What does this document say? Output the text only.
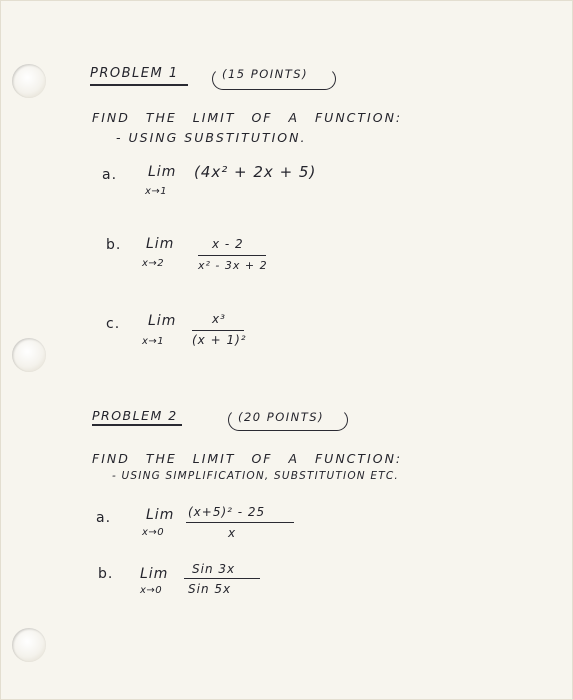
PROBLEM 1	(15 POINTS)
FIND THE LIMIT OF A FUNCTION:
- USING SUBSTITUTION.
a. Lim
x→1
(4x² + 2x + 5)
b. Lim
x→2
x - 2
x² - 3x + 2
c. Lim
x→1
x³
(x + 1)²
PROBLEM 2	(20 POINTS)
FIND THE LIMIT OF A FUNCTION:
- USING SIMPLIFICATION, SUBSTITUTION ETC.
a. Lim
x→0
(x+5)² - 25
x
b. Lim
x→0
Sin 3x
Sin 5x
